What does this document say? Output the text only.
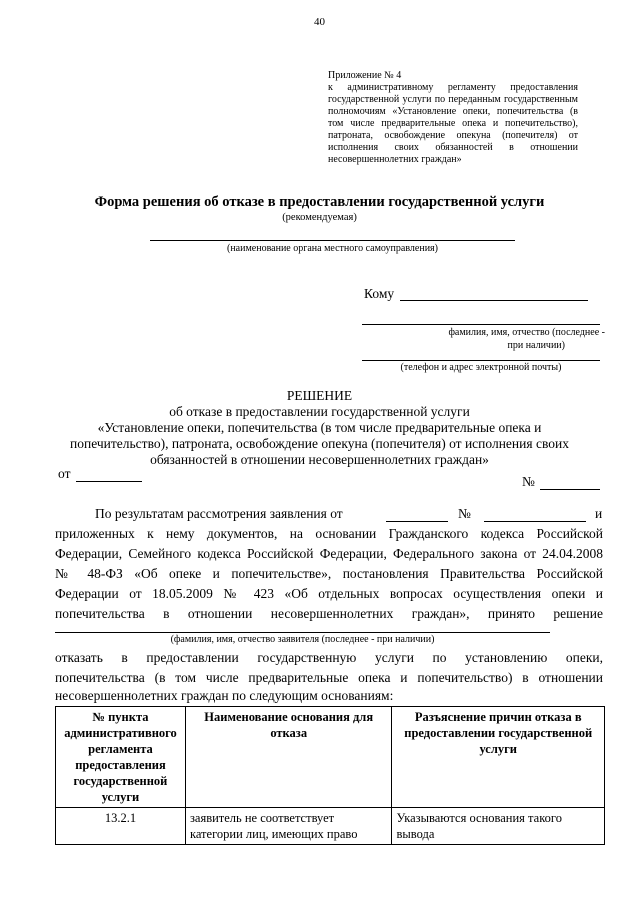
40
Приложение № 4
к административному регламенту предоставления государственной услуги по переданным государственным полномочиям «Установление опеки, попечительства (в том числе предварительные опека и попечительство), патроната, освобождение опекуна (попечителя) от исполнения своих обязанностей в отношении несовершеннолетних граждан»
Форма решения об отказе в предоставлении государственной услуги
(рекомендуемая)
(наименование органа местного самоуправления)
Кому
фамилия, имя, отчество (последнее -
при наличии)
(телефон и адрес электронной почты)
РЕШЕНИЕ
об отказе в предоставлении государственной услуги
«Установление опеки, попечительства (в том числе предварительные опека и
попечительство), патроната, освобождение опекуна (попечителя) от исполнения своих
обязанностей в отношении несовершеннолетних граждан»
от
№
По результатам рассмотрения заявления от	№	и
приложенных к нему документов, на основании Гражданского кодекса Российской
Федерации, Семейного кодекса Российской Федерации, Федерального закона от 24.04.2008
№ 48-ФЗ «Об опеке и попечительстве», постановления Правительства Российской
Федерации от 18.05.2009 № 423 «Об отдельных вопросах осуществления опеки и
попечительства в отношении несовершеннолетних граждан», принято решение
(фамилия, имя, отчество заявителя (последнее - при наличии)
отказать в предоставлении государственную услуги по установлению опеки,
попечительства (в том числе предварительные опека и попечительство) в отношении
несовершеннолетних граждан по следующим основаниям:
№ пункта административного регламента предоставления государственной услуги	Наименование основания для отказа	Разъяснение причин отказа в предоставлении государственной услуги
13.2.1	заявитель не соответствует категории лиц, имеющих право	Указываются основания такого вывода
